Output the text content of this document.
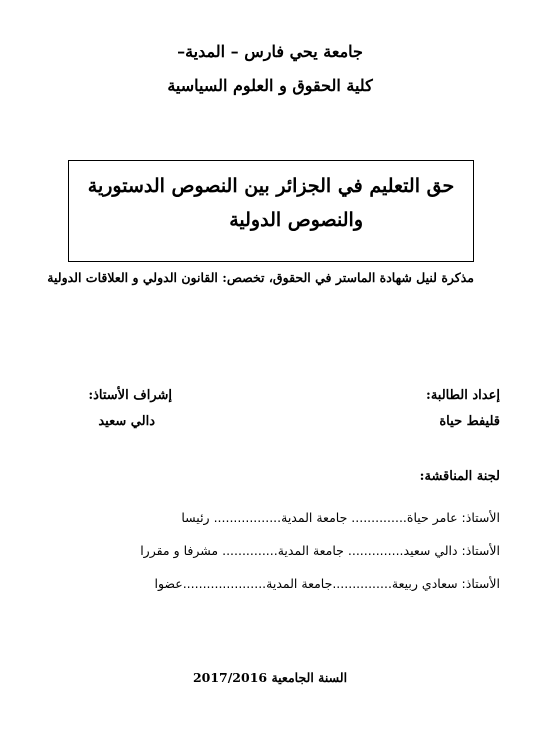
جامعة يحي فارس – المدية–
كلية الحقوق و العلوم السياسية
حق التعليم في الجزائر بين النصوص الدستورية
والنصوص الدولية
مذكرة لنيل شهادة الماستر في الحقوق، تخصص: القانون الدولي و العلاقات الدولية
إعداد الطالبة:
قليفط حياة
إشراف الأستاذ:
دالي سعيد
لجنة المناقشة:
الأستاذ: عامر حياة.............. جامعة المدية................. رئيسا
الأستاذ: دالي سعيد.............. جامعة المدية.............. مشرفا و مقررا
الأستاذ: سعادي ربيعة...............جامعة المدية.....................عضوا
السنة الجامعية 2017/2016
